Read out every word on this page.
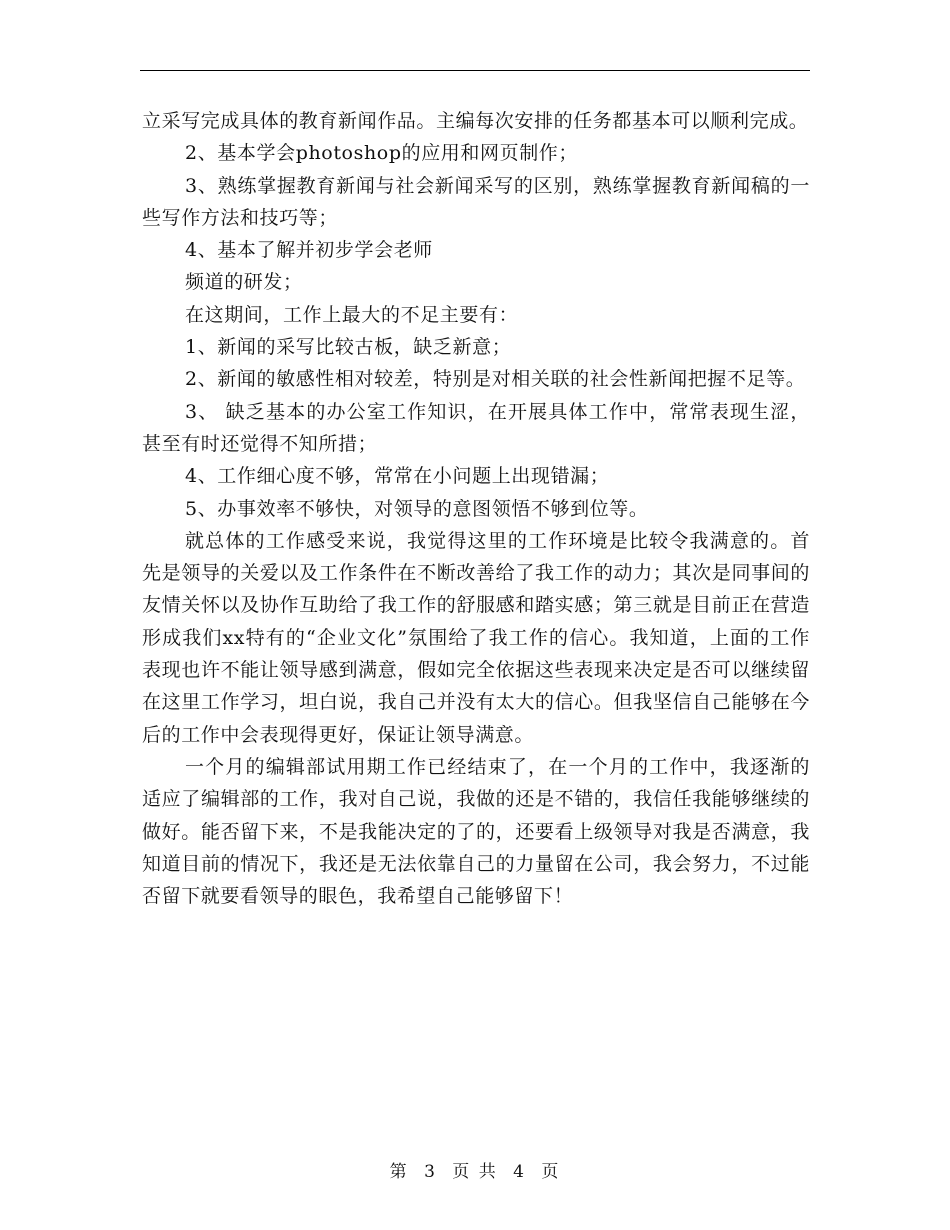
立采写完成具体的教育新闻作品。主编每次安排的任务都基本可以顺利完成。

2、基本学会photoshop的应用和网页制作；

3、熟练掌握教育新闻与社会新闻采写的区别，熟练掌握教育新闻稿的一些写作方法和技巧等；

4、基本了解并初步学会老师

频道的研发；

在这期间，工作上最大的不足主要有：

1、新闻的采写比较古板，缺乏新意；

2、新闻的敏感性相对较差，特别是对相关联的社会性新闻把握不足等。

3、 缺乏基本的办公室工作知识，在开展具体工作中，常常表现生涩，甚至有时还觉得不知所措；

4、工作细心度不够，常常在小问题上出现错漏；

5、办事效率不够快，对领导的意图领悟不够到位等。

就总体的工作感受来说，我觉得这里的工作环境是比较令我满意的。首先是领导的关爱以及工作条件在不断改善给了我工作的动力；其次是同事间的友情关怀以及协作互助给了我工作的舒服感和踏实感；第三就是目前正在营造形成我们xx特有的“企业文化”氛围给了我工作的信心。我知道，上面的工作表现也许不能让领导感到满意，假如完全依据这些表现来决定是否可以继续留在这里工作学习，坦白说，我自己并没有太大的信心。但我坚信自己能够在今后的工作中会表现得更好，保证让领导满意。

一个月的编辑部试用期工作已经结束了，在一个月的工作中，我逐渐的适应了编辑部的工作，我对自己说，我做的还是不错的，我信任我能够继续的做好。能否留下来，不是我能决定的了的，还要看上级领导对我是否满意，我知道目前的情况下，我还是无法依靠自己的力量留在公司，我会努力，不过能否留下就要看领导的眼色，我希望自己能够留下！

第 3 页 共 4 页
